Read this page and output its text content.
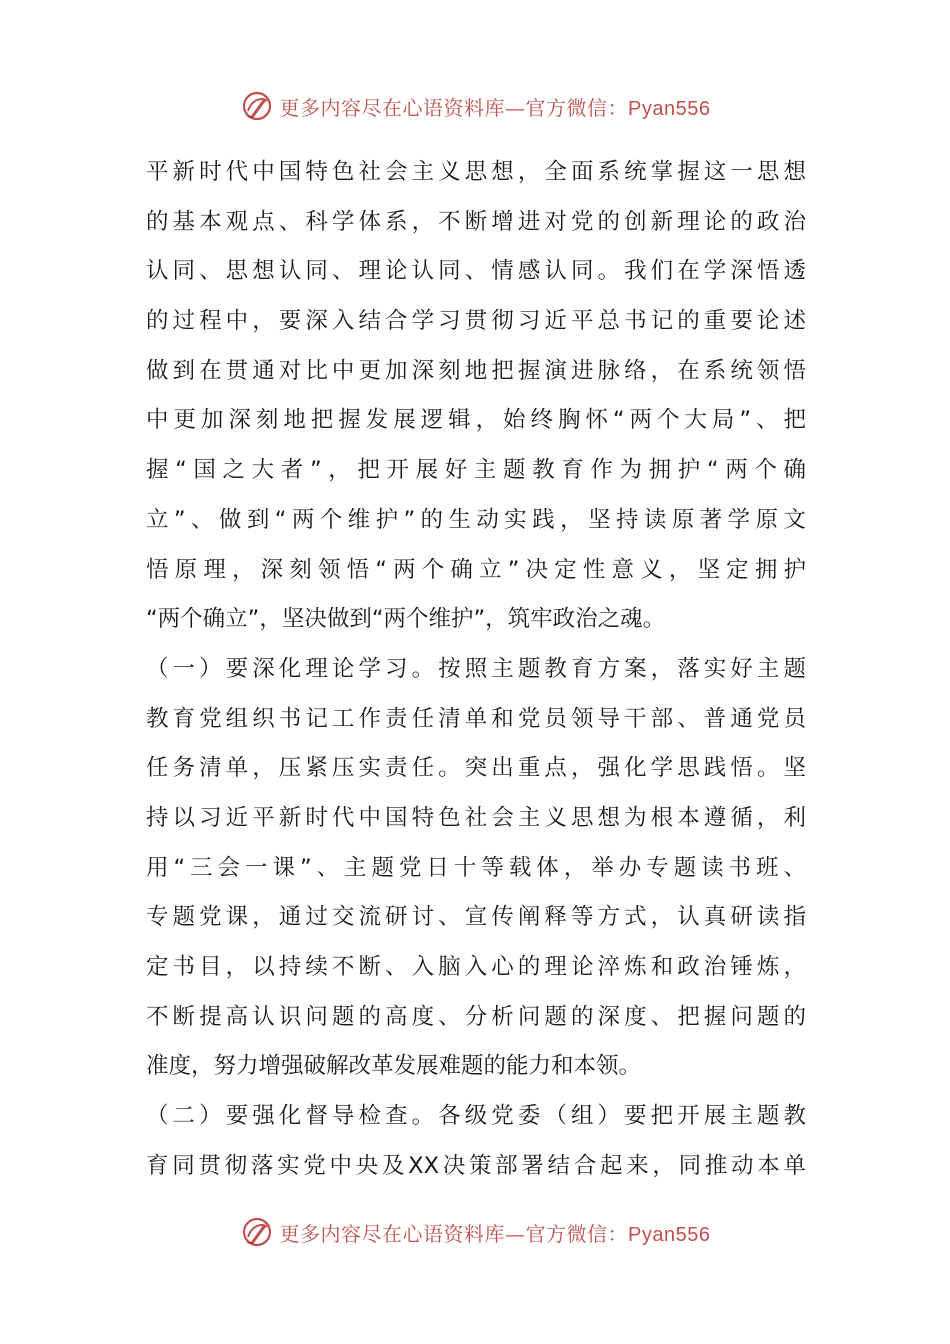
更多内容尽在心语资料库—官方微信：Pyan556
平新时代中国特色社会主义思想，全面系统掌握这一思想
的基本观点、科学体系，不断增进对党的创新理论的政治
认同、思想认同、理论认同、情感认同。我们在学深悟透
的过程中，要深入结合学习贯彻习近平总书记的重要论述
做到在贯通对比中更加深刻地把握演进脉络，在系统领悟
中更加深刻地把握发展逻辑，始终胸怀“两个大局”、把
握“国之大者”，把开展好主题教育作为拥护“两个确
立”、做到“两个维护”的生动实践，坚持读原著学原文
悟原理，深刻领悟“两个确立”决定性意义，坚定拥护
“两个确立”，坚决做到“两个维护”，筑牢政治之魂。
（一）要深化理论学习。按照主题教育方案，落实好主题
教育党组织书记工作责任清单和党员领导干部、普通党员
任务清单，压紧压实责任。突出重点，强化学思践悟。坚
持以习近平新时代中国特色社会主义思想为根本遵循，利
用“三会一课”、主题党日十等载体，举办专题读书班、
专题党课，通过交流研讨、宣传阐释等方式，认真研读指
定书目，以持续不断、入脑入心的理论淬炼和政治锤炼，
不断提高认识问题的高度、分析问题的深度、把握问题的
准度，努力增强破解改革发展难题的能力和本领。
（二）要强化督导检查。各级党委（组）要把开展主题教
育同贯彻落实党中央及XX决策部署结合起来，同推动本单
更多内容尽在心语资料库—官方微信：Pyan556
